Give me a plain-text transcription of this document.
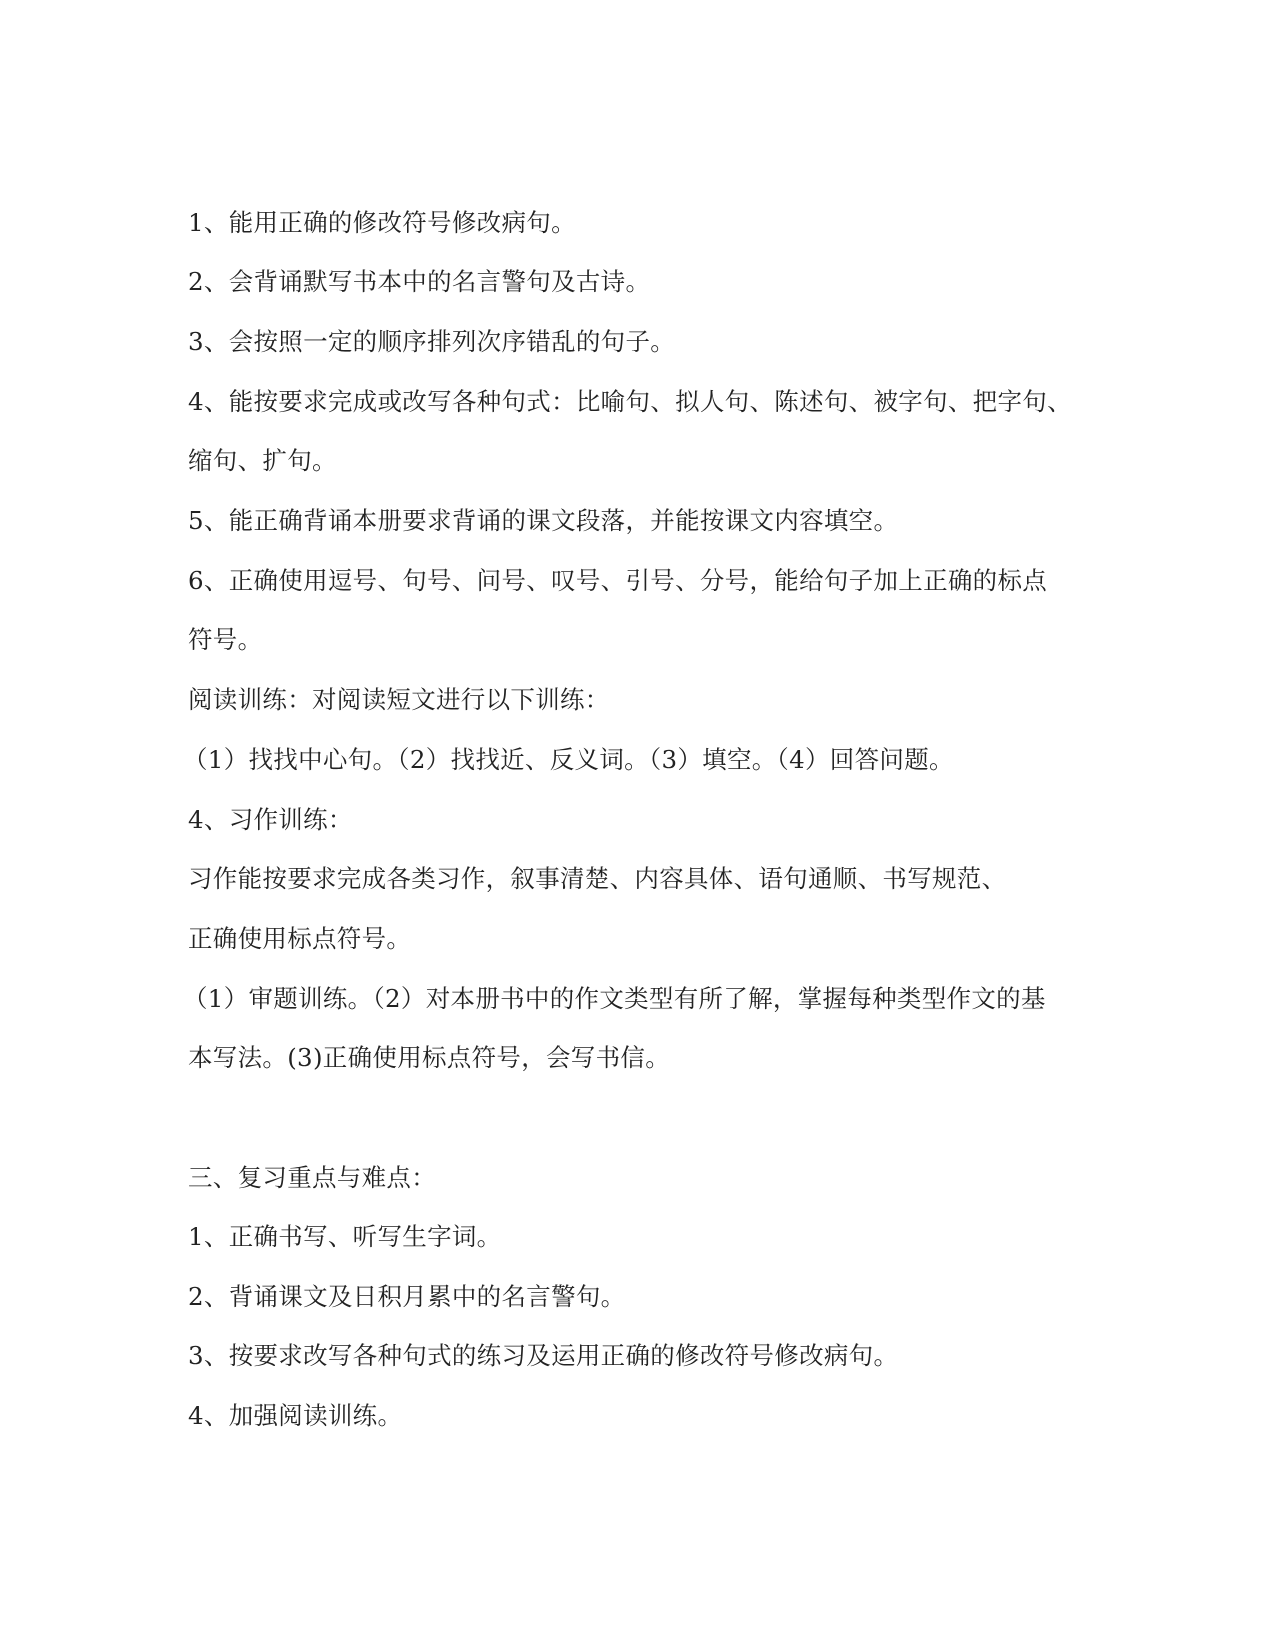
1、能用正确的修改符号修改病句。
2、会背诵默写书本中的名言警句及古诗。
3、会按照一定的顺序排列次序错乱的句子。
4、能按要求完成或改写各种句式：比喻句、拟人句、陈述句、被字句、把字句、
缩句、扩句。
5、能正确背诵本册要求背诵的课文段落，并能按课文内容填空。
6、正确使用逗号、句号、问号、叹号、引号、分号，能给句子加上正确的标点
符号。
阅读训练：对阅读短文进行以下训练：
（1）找找中心句。（2）找找近、反义词。（3）填空。（4）回答问题。
4、习作训练：
习作能按要求完成各类习作，叙事清楚、内容具体、语句通顺、书写规范、
正确使用标点符号。
（1）审题训练。（2）对本册书中的作文类型有所了解，掌握每种类型作文的基
本写法。(3)正确使用标点符号，会写书信。
三、复习重点与难点：
1、正确书写、听写生字词。
2、背诵课文及日积月累中的名言警句。
3、按要求改写各种句式的练习及运用正确的修改符号修改病句。
4、加强阅读训练。
